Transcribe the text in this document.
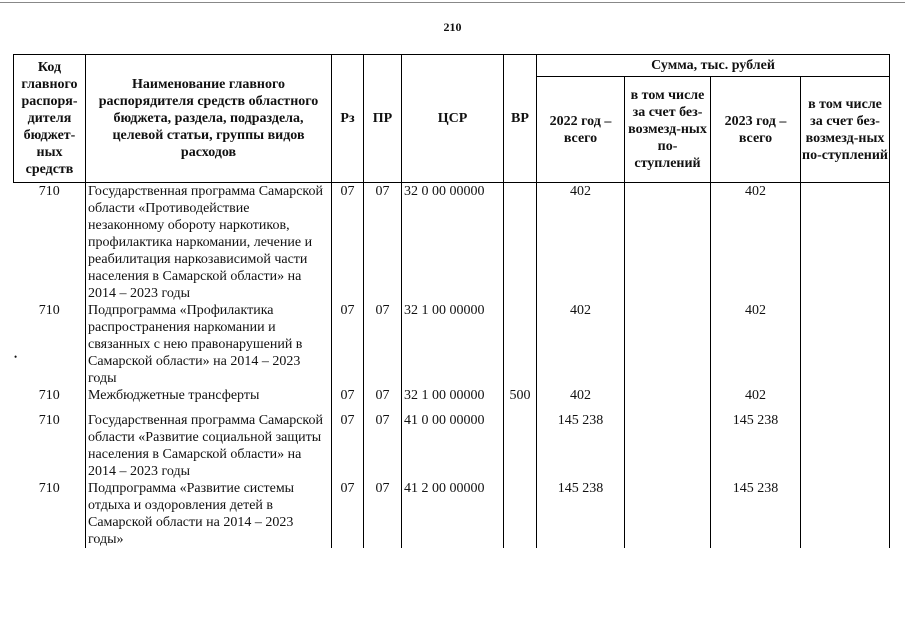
210
Код главного распоря-дителя бюджет-ных средств	Наименование главного распорядителя средств областного бюджета, раздела, подраздела, целевой статьи, группы видов расходов	Рз	ПР	ЦСР	ВР	Сумма, тыс. рублей			
						2022 год – всего	в том числе за счет без-возмезд-ных по-ступлений	2023 год – всего	в том числе за счет без-возмезд-ных по-ступлений
710	Государственная программа Самарской области «Противодействие незаконному обороту наркотиков, профилактика наркомании, лечение и реабилитация наркозависимой части населения в Самарской области» на 2014 – 2023 годы	07	07	32 0 00 00000		402		402	
710	Подпрограмма «Профилактика распространения наркомании и связанных с нею правонарушений в Самарской области» на 2014 – 2023 годы	07	07	32 1 00 00000		402		402	
710	Межбюджетные трансферты	07	07	32 1 00 00000	500	402		402	
710	Государственная программа Самарской области «Развитие социальной защиты населения в Самарской области» на 2014 – 2023 годы	07	07	41 0 00 00000		145 238		145 238	
710	Подпрограмма «Развитие системы отдыха и оздоровления детей в Самарской области на 2014 – 2023 годы»	07	07	41 2 00 00000		145 238		145 238	
•
